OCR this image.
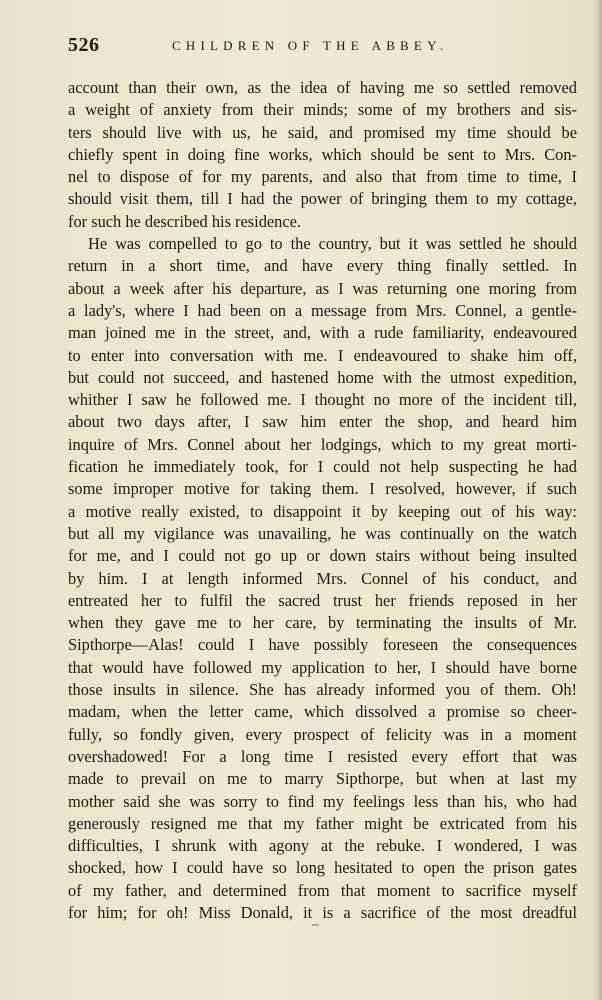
526	CHILDREN OF THE ABBEY.
account than their own, as the idea of having me so settled removed
a weight of anxiety from their minds; some of my brothers and sis-
ters should live with us, he said, and promised my time should be
chiefly spent in doing fine works, which should be sent to Mrs. Con-
nel to dispose of for my parents, and also that from time to time, I
should visit them, till I had the power of bringing them to my cottage,
for such he described his residence.
He was compelled to go to the country, but it was settled he should
return in a short time, and have every thing finally settled. In
about a week after his departure, as I was returning one moring from
a lady's, where I had been on a message from Mrs. Connel, a gentle-
man joined me in the street, and, with a rude familiarity, endeavoured
to enter into conversation with me. I endeavoured to shake him off,
but could not succeed, and hastened home with the utmost expedition,
whither I saw he followed me. I thought no more of the incident till,
about two days after, I saw him enter the shop, and heard him
inquire of Mrs. Connel about her lodgings, which to my great morti-
fication he immediately took, for I could not help suspecting he had
some improper motive for taking them. I resolved, however, if such
a motive really existed, to disappoint it by keeping out of his way:
but all my vigilance was unavailing, he was continually on the watch
for me, and I could not go up or down stairs without being insulted
by him. I at length informed Mrs. Connel of his conduct, and
entreated her to fulfil the sacred trust her friends reposed in her
when they gave me to her care, by terminating the insults of Mr.
Sipthorpe—Alas! could I have possibly foreseen the consequences
that would have followed my application to her, I should have borne
those insults in silence. She has already informed you of them. Oh!
madam, when the letter came, which dissolved a promise so cheer-
fully, so fondly given, every prospect of felicity was in a moment
overshadowed! For a long time I resisted every effort that was
made to prevail on me to marry Sipthorpe, but when at last my
mother said she was sorry to find my feelings less than his, who had
generously resigned me that my father might be extricated from his
difficulties, I shrunk with agony at the rebuke. I wondered, I was
shocked, how I could have so long hesitated to open the prison gates
of my father, and determined from that moment to sacrifice myself
for him; for oh! Miss Donald, it is a sacrifice of the most dreadful
